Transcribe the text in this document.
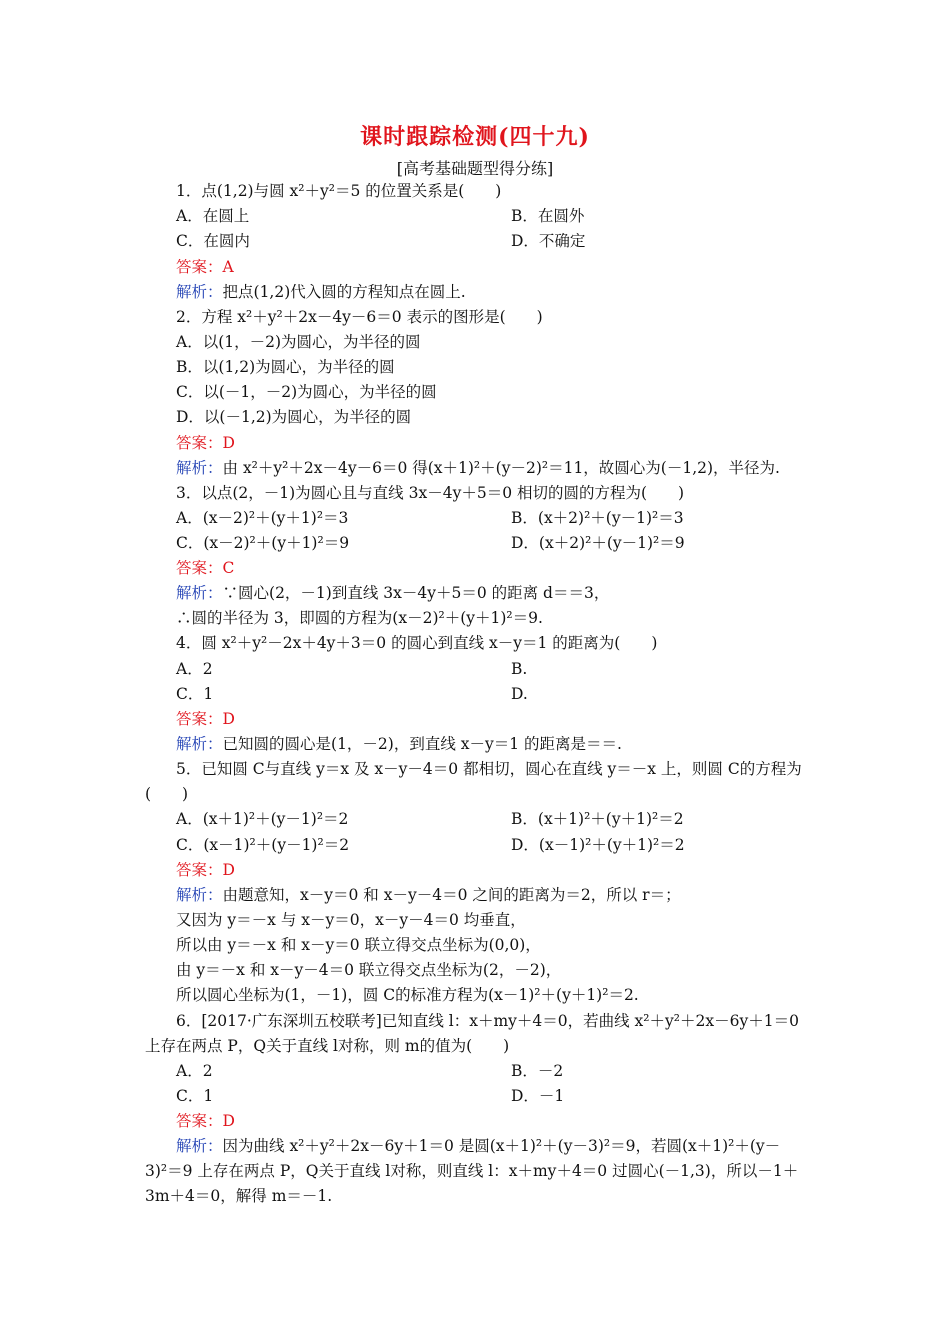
课时跟踪检测(四十九)
[高考基础题型得分练]
1．点(1,2)与圆 x²＋y²＝5 的位置关系是(　　)
A．在圆上	B．在圆外
C．在圆内	D．不确定
答案：A
解析：把点(1,2)代入圆的方程知点在圆上.
2．方程 x²＋y²＋2x－4y－6＝0 表示的图形是(　　)
A．以(1，－2)为圆心，为半径的圆
B．以(1,2)为圆心，为半径的圆
C．以(－1，－2)为圆心，为半径的圆
D．以(－1,2)为圆心，为半径的圆
答案：D
解析：由 x²＋y²＋2x－4y－6＝0 得(x＋1)²＋(y－2)²＝11，故圆心为(－1,2)，半径为.
3．以点(2，－1)为圆心且与直线 3x－4y＋5＝0 相切的圆的方程为(　　)
A．(x－2)²＋(y＋1)²＝3	B．(x＋2)²＋(y－1)²＝3
C．(x－2)²＋(y＋1)²＝9	D．(x＋2)²＋(y－1)²＝9
答案：C
解析：∵圆心(2，－1)到直线 3x－4y＋5＝0 的距离 d＝＝3，
∴圆的半径为 3，即圆的方程为(x－2)²＋(y＋1)²＝9.
4．圆 x²＋y²－2x＋4y＋3＝0 的圆心到直线 x－y＝1 的距离为(　　)
A．2	B.
C．1	D.
答案：D
解析：已知圆的圆心是(1，－2)，到直线 x－y＝1 的距离是＝＝.
5．已知圆 C与直线 y＝x 及 x－y－4＝0 都相切，圆心在直线 y＝－x 上，则圆 C的方程为
(　　)
A．(x＋1)²＋(y－1)²＝2	B．(x＋1)²＋(y＋1)²＝2
C．(x－1)²＋(y－1)²＝2	D．(x－1)²＋(y＋1)²＝2
答案：D
解析：由题意知，x－y＝0 和 x－y－4＝0 之间的距离为＝2，所以 r＝；
又因为 y＝－x 与 x－y＝0，x－y－4＝0 均垂直，
所以由 y＝－x 和 x－y＝0 联立得交点坐标为(0,0)，
由 y＝－x 和 x－y－4＝0 联立得交点坐标为(2，－2)，
所以圆心坐标为(1，－1)，圆 C的标准方程为(x－1)²＋(y＋1)²＝2.
6．[2017·广东深圳五校联考]已知直线 l：x＋my＋4＝0，若曲线 x²＋y²＋2x－6y＋1＝0
上存在两点 P，Q关于直线 l对称，则 m的值为(　　)
A．2	B．－2
C．1	D．－1
答案：D
解析：因为曲线 x²＋y²＋2x－6y＋1＝0 是圆(x＋1)²＋(y－3)²＝9，若圆(x＋1)²＋(y－
3)²＝9 上存在两点 P，Q关于直线 l对称，则直线 l：x＋my＋4＝0 过圆心(－1,3)，所以－1＋
3m＋4＝0，解得 m＝－1.
